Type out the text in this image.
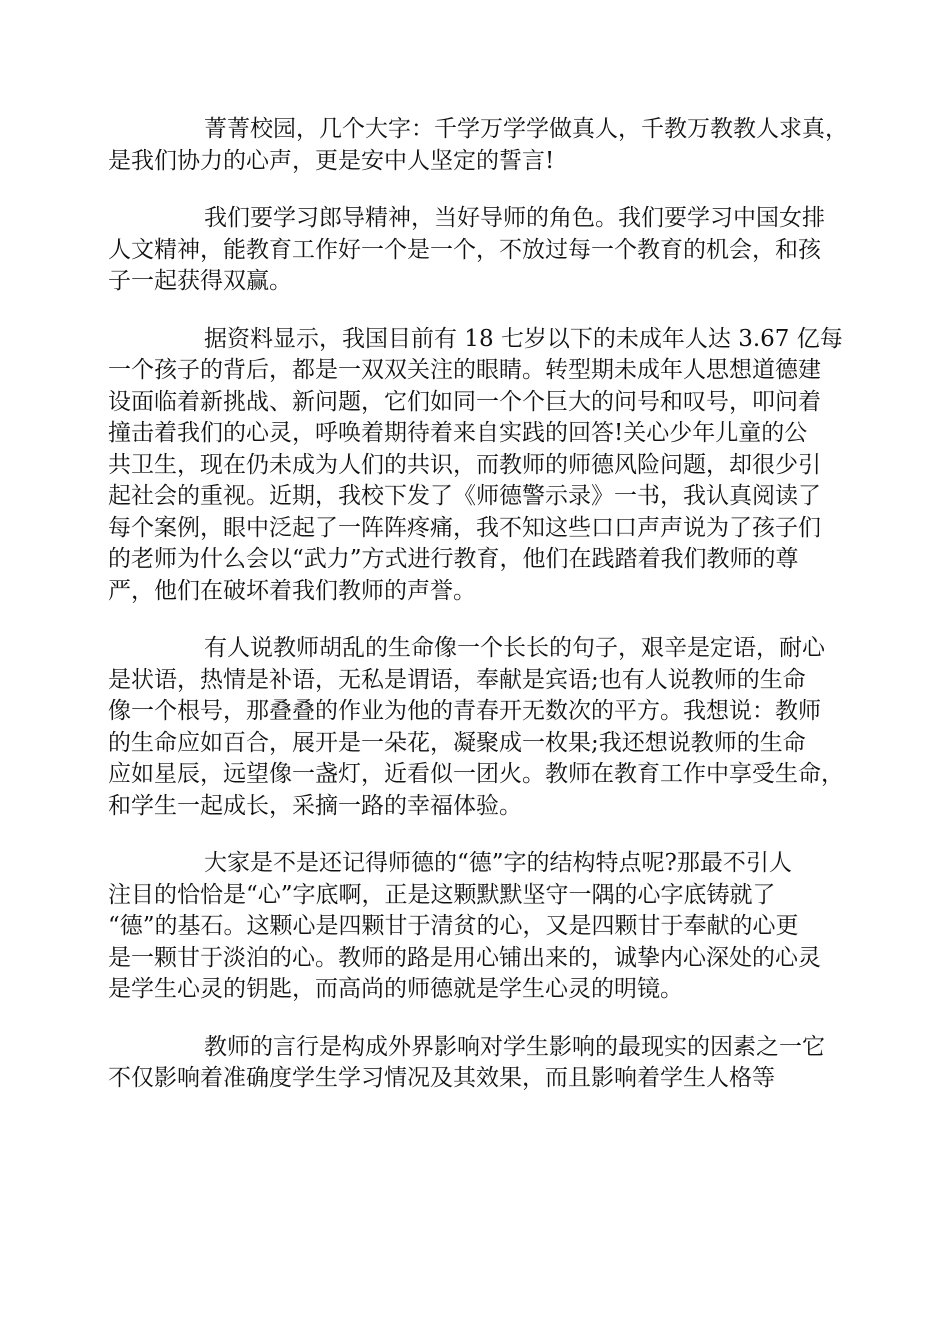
菁菁校园，几个大字：千学万学学做真人，千教万教教人求真，
是我们协力的心声，更是安中人坚定的誓言!
我们要学习郎导精神，当好导师的角色。我们要学习中国女排
人文精神，能教育工作好一个是一个，不放过每一个教育的机会，和孩
子一起获得双赢。
据资料显示，我国目前有 18 七岁以下的未成年人达 3.67 亿每
一个孩子的背后，都是一双双关注的眼睛。转型期未成年人思想道德建
设面临着新挑战、新问题，它们如同一个个巨大的问号和叹号，叩问着
撞击着我们的心灵，呼唤着期待着来自实践的回答!关心少年儿童的公
共卫生，现在仍未成为人们的共识，而教师的师德风险问题，却很少引
起社会的重视。近期，我校下发了《师德警示录》一书，我认真阅读了
每个案例，眼中泛起了一阵阵疼痛，我不知这些口口声声说为了孩子们
的老师为什么会以“武力”方式进行教育，他们在践踏着我们教师的尊
严，他们在破坏着我们教师的声誉。
有人说教师胡乱的生命像一个长长的句子，艰辛是定语，耐心
是状语，热情是补语，无私是谓语，奉献是宾语;也有人说教师的生命
像一个根号，那叠叠的作业为他的青春开无数次的平方。我想说：教师
的生命应如百合，展开是一朵花，凝聚成一枚果;我还想说教师的生命
应如星辰，远望像一盏灯，近看似一团火。教师在教育工作中享受生命，
和学生一起成长，采摘一路的幸福体验。
大家是不是还记得师德的“德”字的结构特点呢?那最不引人
注目的恰恰是“心”字底啊，正是这颗默默坚守一隅的心字底铸就了
“德”的基石。这颗心是四颗甘于清贫的心，又是四颗甘于奉献的心更
是一颗甘于淡泊的心。教师的路是用心铺出来的，诚挚内心深处的心灵
是学生心灵的钥匙，而高尚的师德就是学生心灵的明镜。
教师的言行是构成外界影响对学生影响的最现实的因素之一它
不仅影响着准确度学生学习情况及其效果，而且影响着学生人格等
